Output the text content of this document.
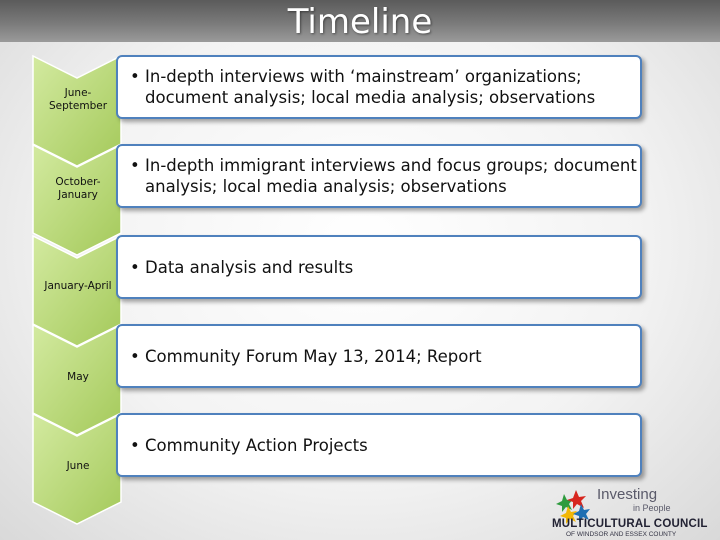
Timeline
June-
September
October-
January
January-April
May
June
• In-depth interviews with ‘mainstream’ organizations; document analysis; local media analysis; observations
• In-depth immigrant interviews and focus groups; document analysis; local media analysis; observations
• Data analysis and results
• Community Forum May 13, 2014; Report
• Community Action Projects
Investing
in People
MULTICULTURAL COUNCIL
OF WINDSOR AND ESSEX COUNTY
